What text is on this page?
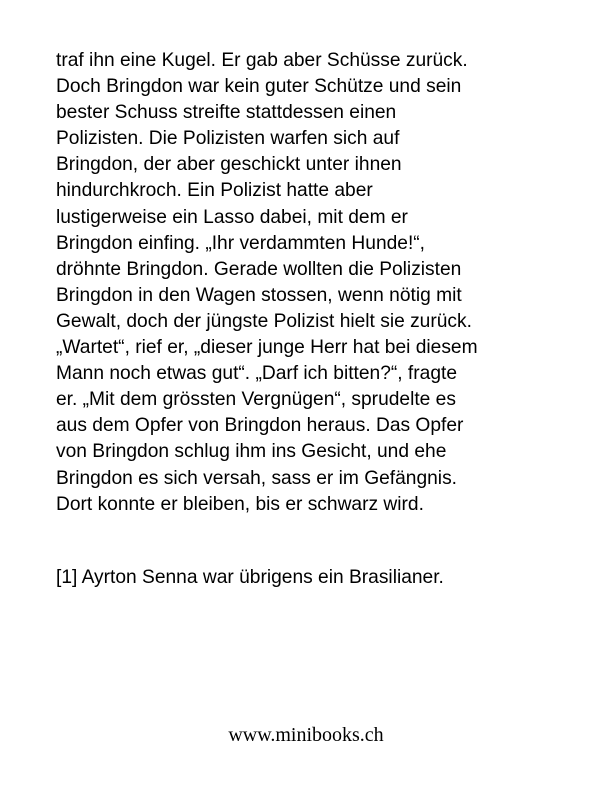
traf ihn eine Kugel. Er gab aber Schüsse zurück.
Doch Bringdon war kein guter Schütze und sein
bester Schuss streifte stattdessen einen
Polizisten. Die Polizisten warfen sich auf
Bringdon, der aber geschickt unter ihnen
hindurchkroch. Ein Polizist hatte aber
lustigerweise ein Lasso dabei, mit dem er
Bringdon einfing. „Ihr verdammten Hunde!“,
dröhnte Bringdon. Gerade wollten die Polizisten
Bringdon in den Wagen stossen, wenn nötig mit
Gewalt, doch der jüngste Polizist hielt sie zurück.
„Wartet“, rief er, „dieser junge Herr hat bei diesem
Mann noch etwas gut“. „Darf ich bitten?“, fragte
er. „Mit dem grössten Vergnügen“, sprudelte es
aus dem Opfer von Bringdon heraus. Das Opfer
von Bringdon schlug ihm ins Gesicht, und ehe
Bringdon es sich versah, sass er im Gefängnis.
Dort konnte er bleiben, bis er schwarz wird.
[1] Ayrton Senna war übrigens ein Brasilianer.
www.minibooks.ch
